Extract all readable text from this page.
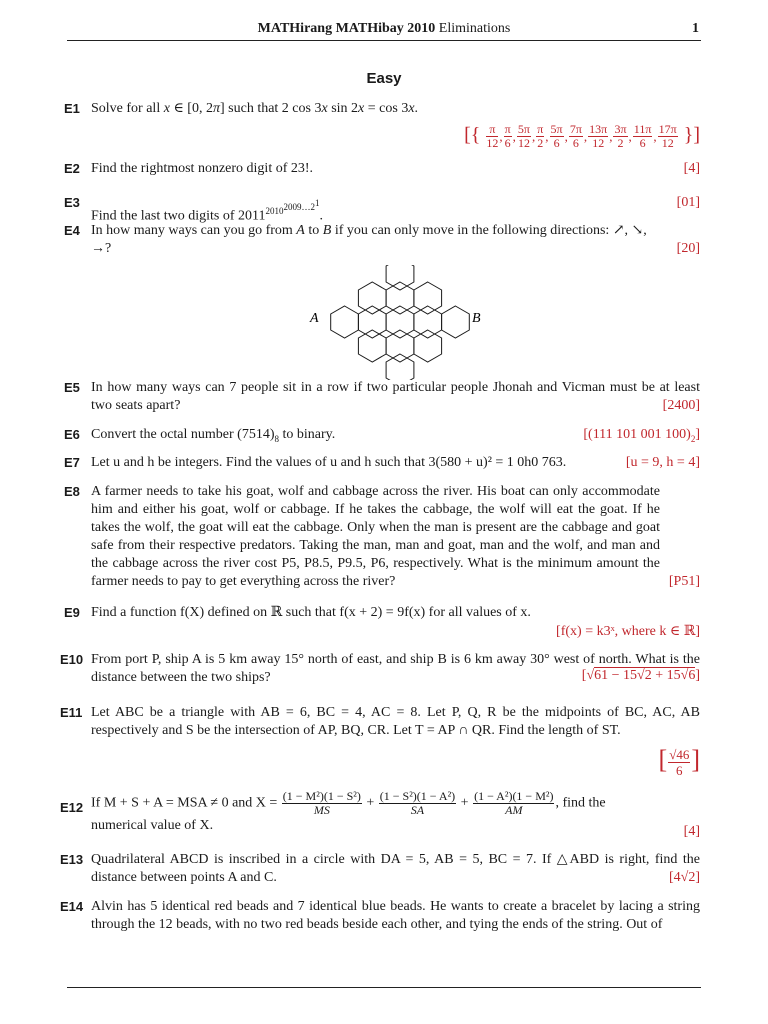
MATHirang MATHibay 2010 Eliminations	1
Easy
E1 Solve for all x ∈ [0, 2π] such that 2 cos 3x sin 2x = cos 3x.
[{ $\frac{\pi}{12}$ , $\frac{\pi}{6}$ , $\frac{5\pi}{12}$ , $\frac{\pi}{2}$ , $\frac{5\pi}{6}$ , $\frac{7\pi}{6}$ , $\frac{13\pi}{12}$ , $\frac{3\pi}{2}$ , $\frac{11\pi}{6}$ , $\frac{17\pi}{12}$ }]
E2 Find the rightmost nonzero digit of 23!.	[4]
E3
Find the last two digits of $2011^{2010^{2009\dots 2^1}}$.
[01]
E4 In how many ways can you go from A to B if you can only move in the following directions: ↗, ↘,
→?	[20]
A	B
E5 In how many ways can 7 people sit in a row if two particular people Jhonah and Vicman must be at least two seats apart?	[2400]
E6 Convert the octal number $(7514)_8$ to binary.	[(111 101 001 $100)_2$]
E7 Let u and h be integers. Find the values of u and h such that 3(580 + u)² = 1 0h0 763.	[u = 9, h = 4]
E8 A farmer needs to take his goat, wolf and cabbage across the river. His boat can only accommodate him and either his goat, wolf or cabbage. If he takes the cabbage, the wolf will eat the goat. If he takes the wolf, the goat will eat the cabbage. Only when the man is present are the cabbage and goat safe from their respective predators. Taking the man, man and goat, man and the wolf, and man and the cabbage across the river cost P5, P8.5, P9.5, P6, respectively. What is the minimum amount the farmer needs to pay to get everything across the river?	[P51]
E9 Find a function f(X) defined on ℝ such that f(x + 2) = 9f(x) for all values of x.
[f(x) = k3ˣ, where k ∈ ℝ]
E10 From port P, ship A is 5 km away 15° north of east, and ship B is 6 km away 30° west of north. What is the distance between the two ships?	[√61 − 15√2 + 15√6]
E11 Let ABC be a triangle with AB = 6, BC = 4, AC = 8. Let P, Q, R be the midpoints of BC, AC, AB respectively and S be the intersection of AP, BQ, CR. Let T = AP ∩ QR. Find the length of ST.
[ $\frac{√46}{6}$ ]
E12 If M + S + A = MSA ≠ 0 and $X = \frac{\text{(1 − M²)(1 − S²)}}{MS} + \frac{\text{(1 − S²)(1 − A²)}}{SA} + \frac{\text{(1 − A²)(1 − M²)}}{AM}$ , find the
numerical value of X.	[4]
E13 Quadrilateral ABCD is inscribed in a circle with DA = 5, AB = 5, BC = 7. If △ABD is right, find the distance between points A and C.	[4√2]
E14 Alvin has 5 identical red beads and 7 identical blue beads. He wants to create a bracelet by lacing a string through the 12 beads, with no two red beads beside each other, and tying the ends of the string. Out of
